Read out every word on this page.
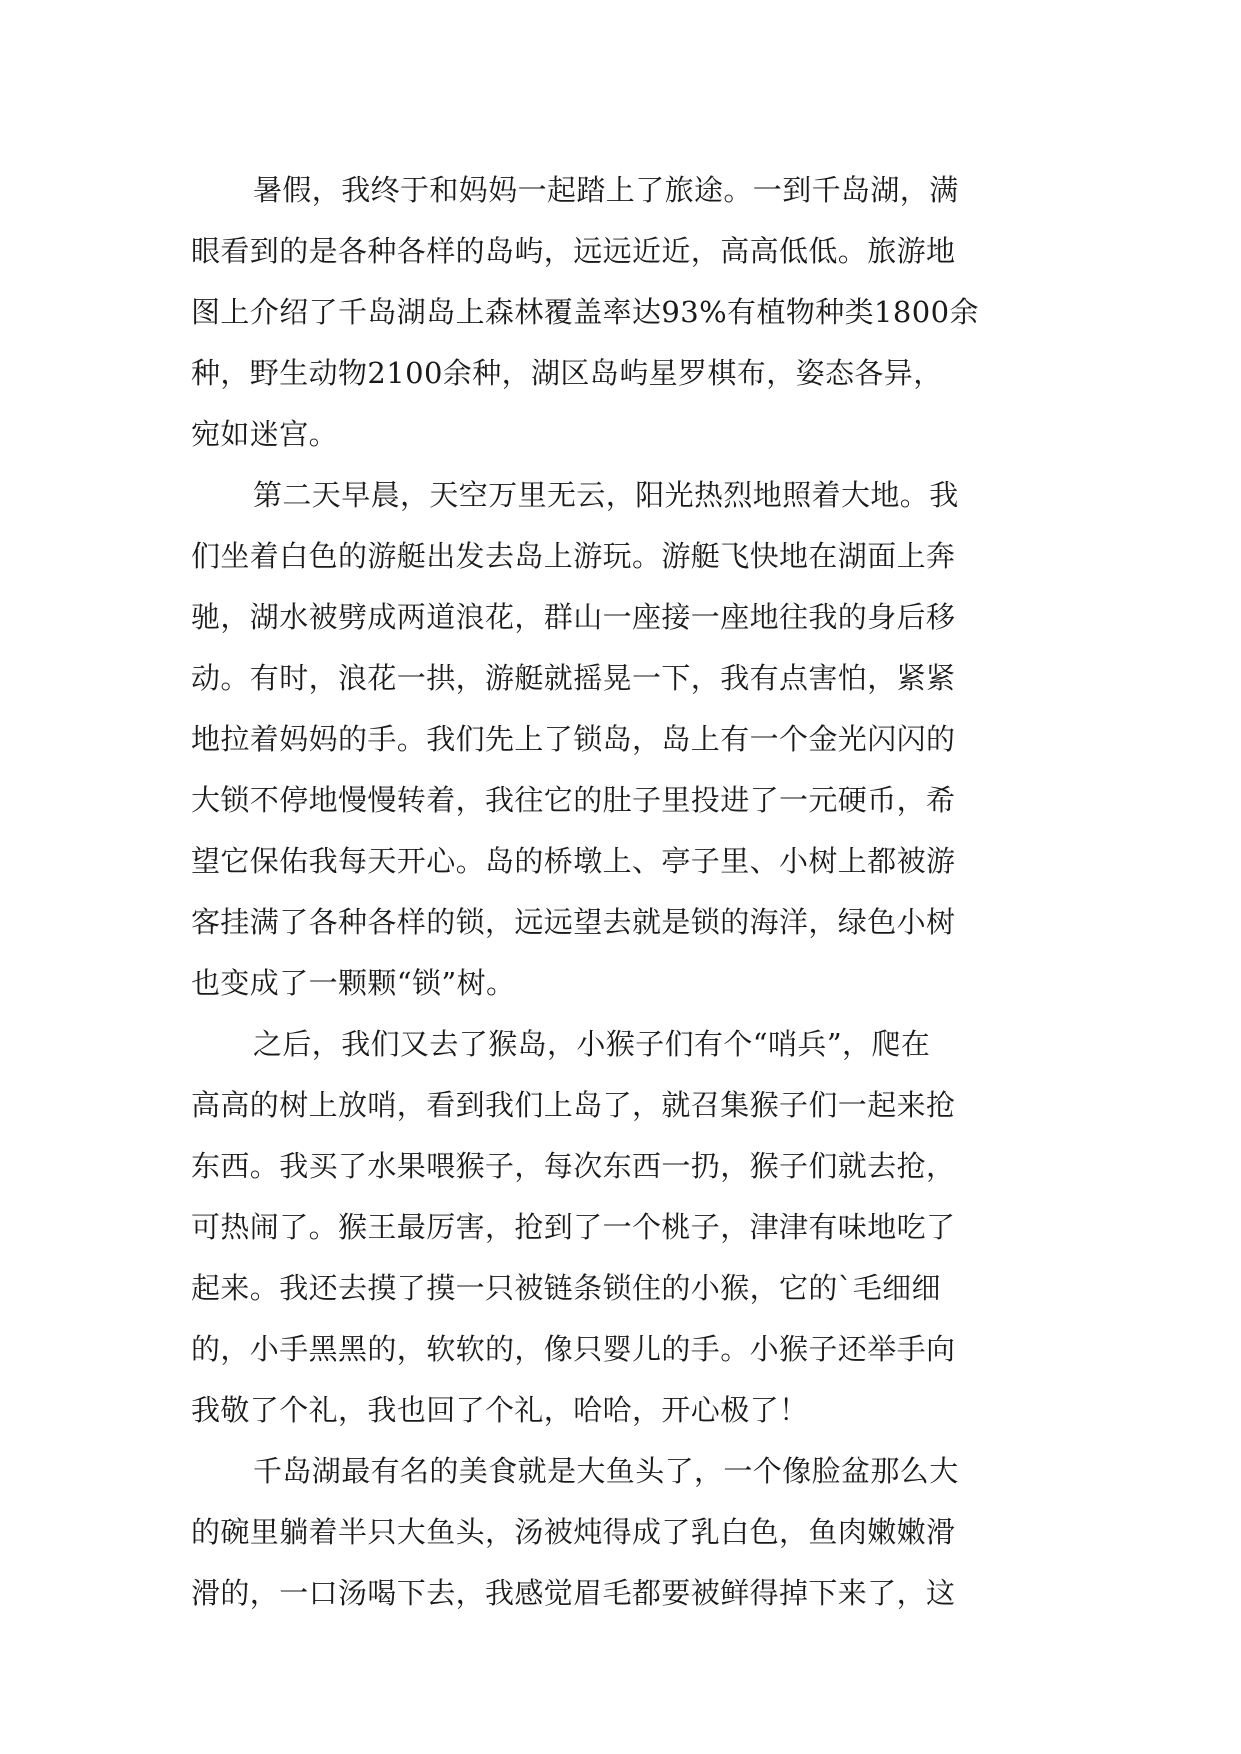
暑假，我终于和妈妈一起踏上了旅途。一到千岛湖，满
眼看到的是各种各样的岛屿，远远近近，高高低低。旅游地
图上介绍了千岛湖岛上森林覆盖率达93%有植物种类1800余
种，野生动物2100余种，湖区岛屿星罗棋布，姿态各异，
宛如迷宫。
第二天早晨，天空万里无云，阳光热烈地照着大地。我
们坐着白色的游艇出发去岛上游玩。游艇飞快地在湖面上奔
驰，湖水被劈成两道浪花，群山一座接一座地往我的身后移
动。有时，浪花一拱，游艇就摇晃一下，我有点害怕，紧紧
地拉着妈妈的手。我们先上了锁岛，岛上有一个金光闪闪的
大锁不停地慢慢转着，我往它的肚子里投进了一元硬币，希
望它保佑我每天开心。岛的桥墩上、亭子里、小树上都被游
客挂满了各种各样的锁，远远望去就是锁的海洋，绿色小树
也变成了一颗颗“锁”树。
之后，我们又去了猴岛，小猴子们有个“哨兵”，爬在
高高的树上放哨，看到我们上岛了，就召集猴子们一起来抢
东西。我买了水果喂猴子，每次东西一扔，猴子们就去抢，
可热闹了。猴王最厉害，抢到了一个桃子，津津有味地吃了
起来。我还去摸了摸一只被链条锁住的小猴，它的`毛细细
的，小手黑黑的，软软的，像只婴儿的手。小猴子还举手向
我敬了个礼，我也回了个礼，哈哈，开心极了！
千岛湖最有名的美食就是大鱼头了，一个像脸盆那么大
的碗里躺着半只大鱼头，汤被炖得成了乳白色，鱼肉嫩嫩滑
滑的，一口汤喝下去，我感觉眉毛都要被鲜得掉下来了，这
